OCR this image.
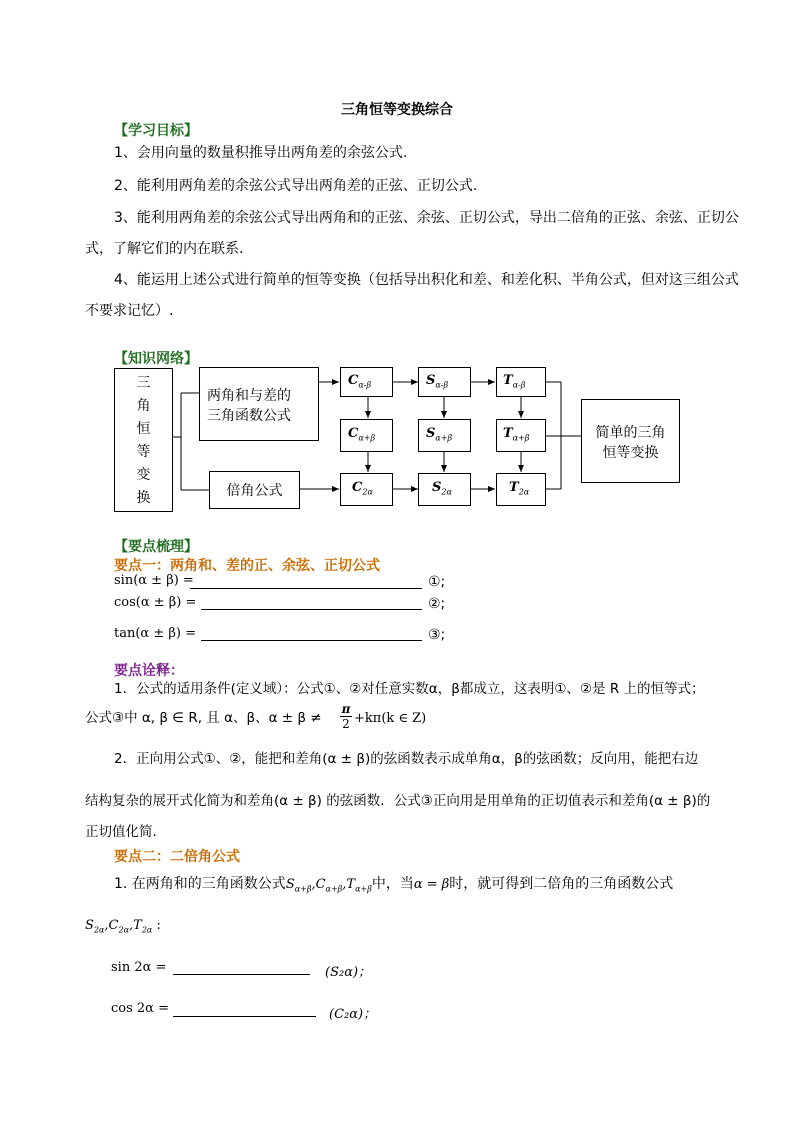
三角恒等变换综合
【学习目标】
1、会用向量的数量积推导出两角差的余弦公式.
2、能利用两角差的余弦公式导出两角差的正弦、正切公式.
3、能利用两角差的余弦公式导出两角和的正弦、余弦、正切公式，导出二倍角的正弦、余弦、正切公
式，了解它们的内在联系.
4、能运用上述公式进行简单的恒等变换（包括导出积化和差、和差化积、半角公式，但对这三组公式
不要求记忆）.
【知识网络】
三
角
恒
等
变
换
两角和与差的
三角函数公式
倍角公式
简单的三角
恒等变换
$C_{\alpha-\beta}$	$S_{\alpha-\beta}$	$T_{\alpha-\beta}$
$C_{\alpha+\beta}$	$S_{\alpha+\beta}$	$T_{\alpha+\beta}$
$C_{2\alpha}$	$S_{2\alpha}$	$T_{2\alpha}$
【要点梳理】
要点一：两角和、差的正、余弦、正切公式
sin(α ± β) =	①;
cos(α ± β) =	②;
tan(α ± β) =	③;
要点诠释：
1．公式的适用条件(定义域）：公式①、②对任意实数α，β都成立，这表明①、②是 R 上的恒等式；
公式③中 α, β ∈ R, 且 α、β、α ± β ≠
π
2 +kπ(k ∈ Z)
2．正向用公式①、②，能把和差角(α ± β)的弦函数表示成单角α，β的弦函数；反向用，能把右边
结构复杂的展开式化简为和差角(α ± β) 的弦函数．公式③正向用是用单角的正切值表示和差角(α ± β)的
正切值化简．
要点二：二倍角公式
1. 在两角和的三角函数公式$S_{\alpha+\beta},C_{\alpha+\beta},T_{\alpha+\beta}$中，当α = β时，就可得到二倍角的三角函数公式
$S_{2\alpha},C_{2\alpha},T_{2\alpha}$ :
sin 2α =	(S₂α)；
cos 2α =	(C₂α)；
